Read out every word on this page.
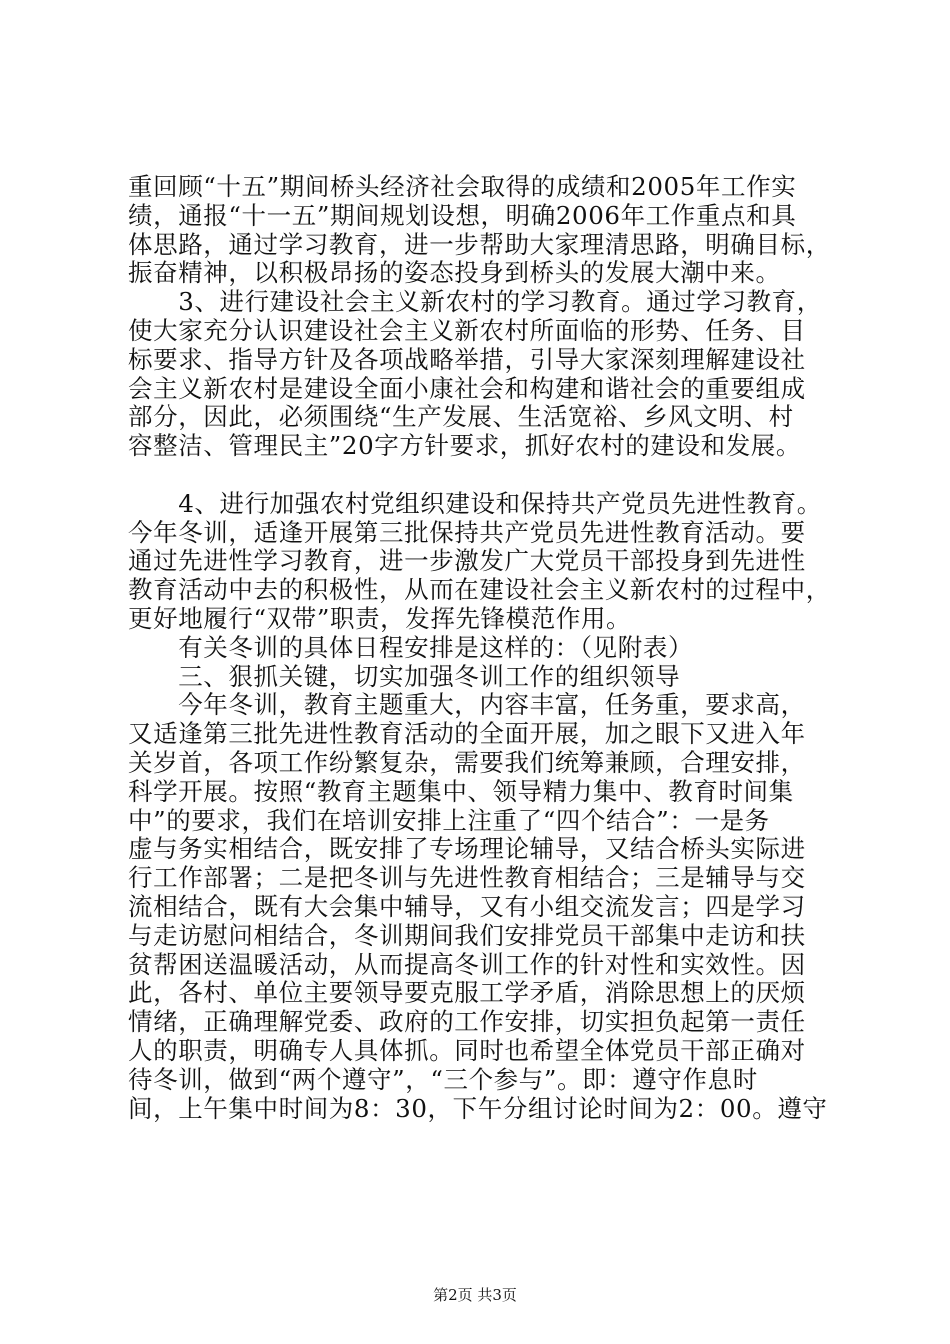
重回顾“十五”期间桥头经济社会取得的成绩和2005年工作实
绩，通报“十一五”期间规划设想，明确2006年工作重点和具
体思路，通过学习教育，进一步帮助大家理清思路，明确目标，
振奋精神，以积极昂扬的姿态投身到桥头的发展大潮中来。
　　3、进行建设社会主义新农村的学习教育。通过学习教育，
使大家充分认识建设社会主义新农村所面临的形势、任务、目
标要求、指导方针及各项战略举措，引导大家深刻理解建设社
会主义新农村是建设全面小康社会和构建和谐社会的重要组成
部分，因此，必须围绕“生产发展、生活宽裕、乡风文明、村
容整洁、管理民主”20字方针要求，抓好农村的建设和发展。
　　4、进行加强农村党组织建设和保持共产党员先进性教育。
今年冬训，适逢开展第三批保持共产党员先进性教育活动。要
通过先进性学习教育，进一步激发广大党员干部投身到先进性
教育活动中去的积极性，从而在建设社会主义新农村的过程中，
更好地履行“双带”职责，发挥先锋模范作用。
　　有关冬训的具体日程安排是这样的：（见附表）
　　三、狠抓关键，切实加强冬训工作的组织领导
　　今年冬训，教育主题重大，内容丰富，任务重，要求高，
又适逢第三批先进性教育活动的全面开展，加之眼下又进入年
关岁首，各项工作纷繁复杂，需要我们统筹兼顾，合理安排，
科学开展。按照“教育主题集中、领导精力集中、教育时间集
中”的要求，我们在培训安排上注重了“四个结合”：一是务
虚与务实相结合，既安排了专场理论辅导，又结合桥头实际进
行工作部署；二是把冬训与先进性教育相结合；三是辅导与交
流相结合，既有大会集中辅导，又有小组交流发言；四是学习
与走访慰问相结合，冬训期间我们安排党员干部集中走访和扶
贫帮困送温暖活动，从而提高冬训工作的针对性和实效性。因
此，各村、单位主要领导要克服工学矛盾，消除思想上的厌烦
情绪，正确理解党委、政府的工作安排，切实担负起第一责任
人的职责，明确专人具体抓。同时也希望全体党员干部正确对
待冬训，做到“两个遵守”，“三个参与”。即：遵守作息时
间，上午集中时间为8：30，下午分组讨论时间为2：00。遵守
第2页 共3页
